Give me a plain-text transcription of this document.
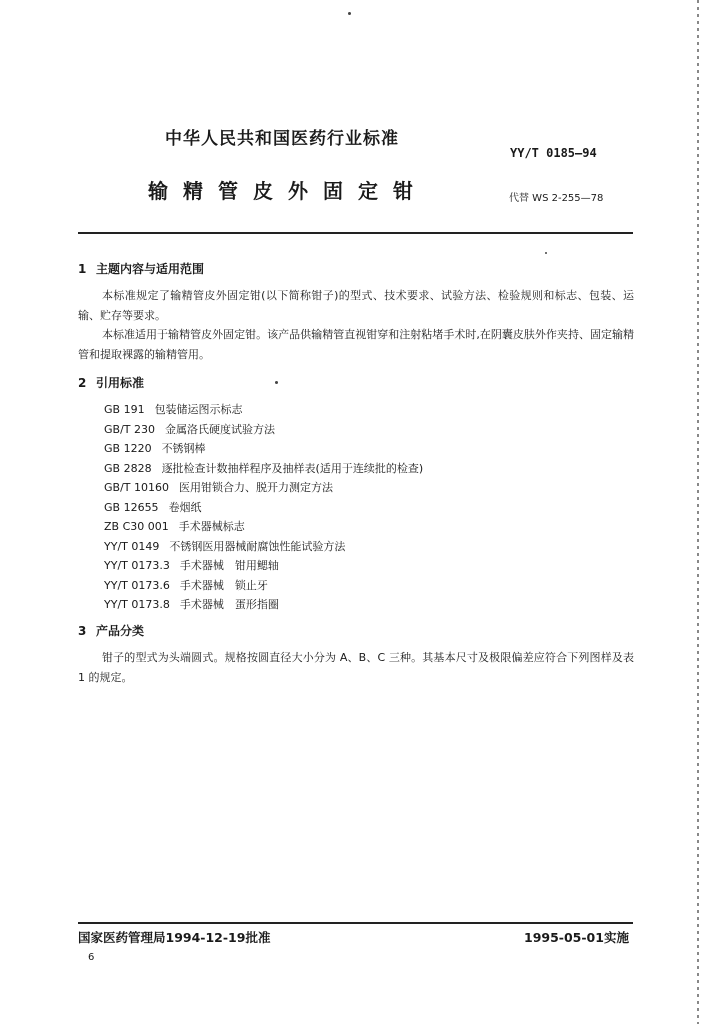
中华人民共和国医药行业标准
YY/T 0185—94
输精管皮外固定钳	代替 WS 2-255—78
1 主题内容与适用范围
本标准规定了输精管皮外固定钳(以下简称钳子)的型式、技术要求、试验方法、检验规则和标志、包装、运输、贮存等要求。
本标准适用于输精管皮外固定钳。该产品供输精管直视钳穿和注射粘堵手术时,在阴囊皮肤外作夹持、固定输精管和提取裸露的输精管用。
2 引用标准
GB 191 包装储运图示标志
GB/T 230 金属洛氏硬度试验方法
GB 1220 不锈钢棒
GB 2828 逐批检查计数抽样程序及抽样表(适用于连续批的检查)
GB/T 10160 医用钳锁合力、脱开力测定方法
GB 12655 卷烟纸
ZB C30 001 手术器械标志
YY/T 0149 不锈钢医用器械耐腐蚀性能试验方法
YY/T 0173.3 手术器械　钳用鳃轴
YY/T 0173.6 手术器械　锁止牙
YY/T 0173.8 手术器械　蛋形指圈
3 产品分类
钳子的型式为头端圆式。规格按圆直径大小分为 A、B、C 三种。其基本尺寸及极限偏差应符合下列图样及表 1 的规定。
国家医药管理局1994-12-19批准	1995-05-01实施
6
